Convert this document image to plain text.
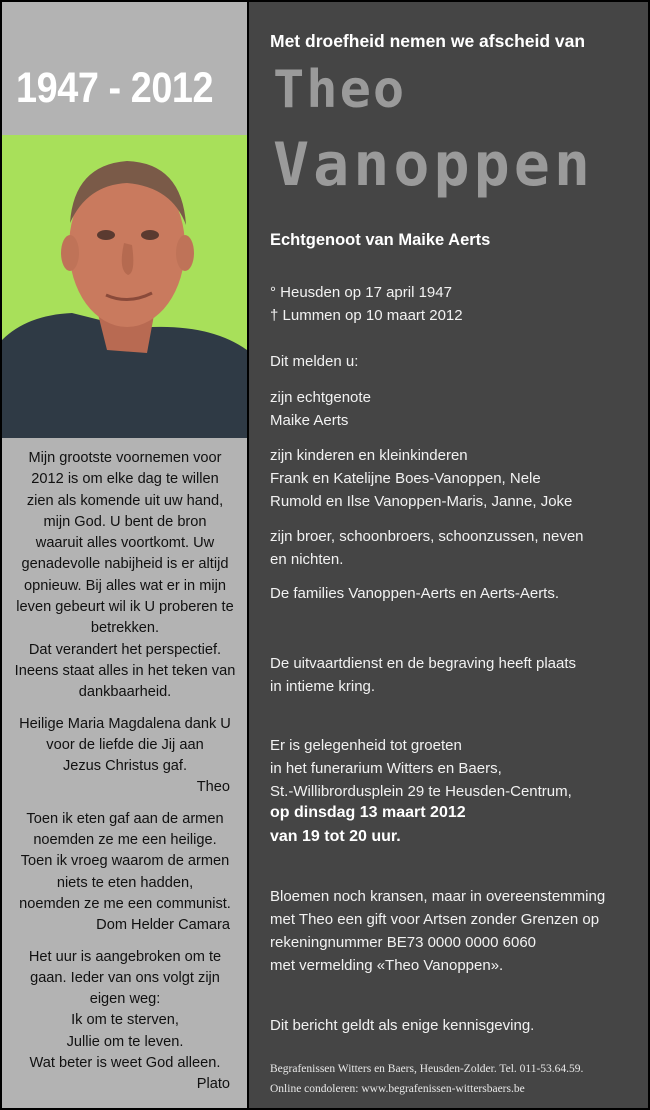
1947 - 2012

Mijn grootste voornemen voor

2012 is om elke dag te willen

zien als komende uit uw hand,

mijn God. U bent de bron

waaruit alles voortkomt. Uw

genadevolle nabijheid is er altijd

opnieuw. Bij alles wat er in mijn

leven gebeurt wil ik U proberen te

betrekken.

Dat verandert het perspectief.

Ineens staat alles in het teken van

dankbaarheid.

Heilige Maria Magdalena dank U

voor de liefde die Jij aan

Jezus Christus gaf.

Theo

Toen ik eten gaf aan de armen

noemden ze me een heilige.

Toen ik vroeg waarom de armen

niets te eten hadden,

noemden ze me een communist.

Dom Helder Camara

Het uur is aangebroken om te

gaan. Ieder van ons volgt zijn

eigen weg:

Ik om te sterven,

Jullie om te leven.

Wat beter is weet God alleen.

Plato

Met droefheid nemen we afscheid van
Theo
Vanoppen
Echtgenoot van Maike Aerts
° Heusden op 17 april 1947
† Lummen op 10 maart 2012
Dit melden u:
zijn echtgenote
Maike Aerts
zijn kinderen en kleinkinderen
Frank en Katelijne Boes-Vanoppen, Nele
Rumold en Ilse Vanoppen-Maris, Janne, Joke
zijn broer, schoonbroers, schoonzussen, neven
en nichten.
De families Vanoppen-Aerts en Aerts-Aerts.
De uitvaartdienst en de begraving heeft plaats
in intieme kring.
Er is gelegenheid tot groeten
in het funerarium Witters en Baers,
St.-Willibrordusplein 29 te Heusden-Centrum,
op dinsdag 13 maart 2012
van 19 tot 20 uur.
Bloemen noch kransen, maar in overeenstemming
met Theo een gift voor Artsen zonder Grenzen op
rekeningnummer BE73 0000 0000 6060
met vermelding «Theo Vanoppen».
Dit bericht geldt als enige kennisgeving.
Begrafenissen Witters en Baers, Heusden-Zolder. Tel. 011-53.64.59.
Online condoleren: www.begrafenissen-wittersbaers.be
